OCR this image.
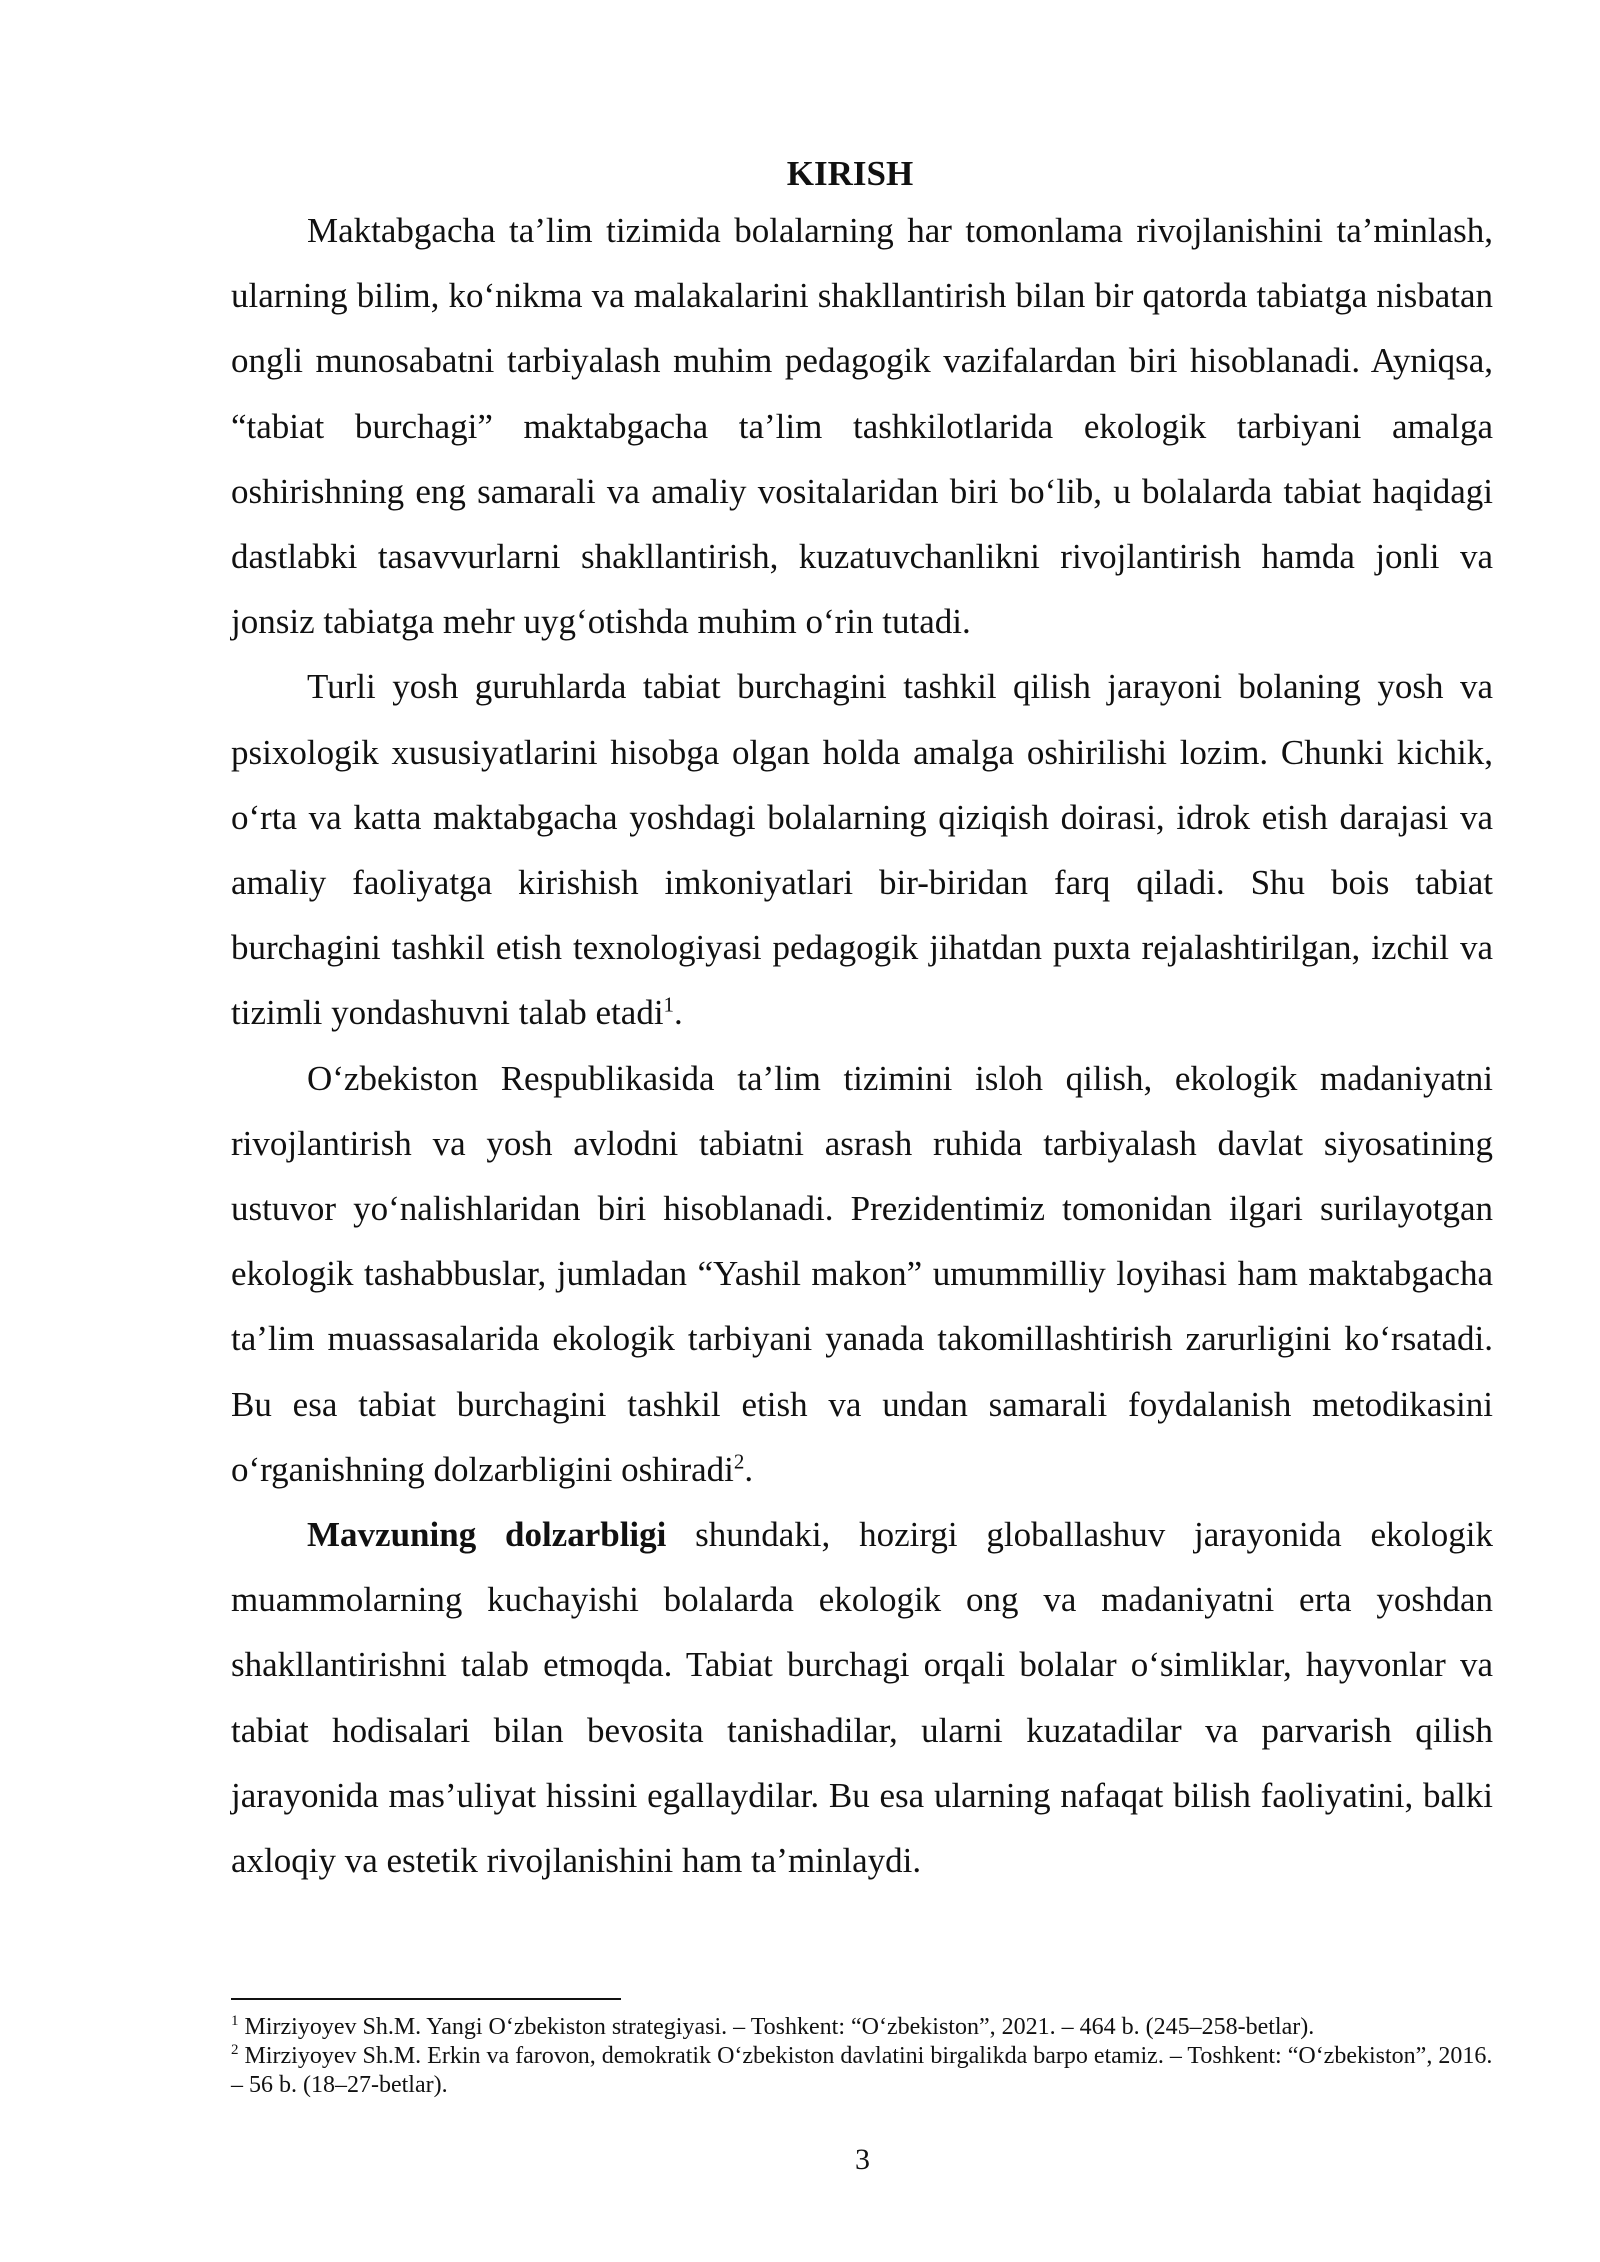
KIRISH

Maktabgacha ta’lim tizimida bolalarning har tomonlama rivojlanishini ta’minlash, ularning bilim, ko‘nikma va malakalarini shakllantirish bilan bir qatorda tabiatga nisbatan ongli munosabatni tarbiyalash muhim pedagogik vazifalardan biri hisoblanadi. Ayniqsa, “tabiat burchagi” maktabgacha ta’lim tashkilotlarida ekologik tarbiyani amalga oshirishning eng samarali va amaliy vositalaridan biri bo‘lib, u bolalarda tabiat haqidagi dastlabki tasavvurlarni shakllantirish, kuzatuvchanlikni rivojlantirish hamda jonli va jonsiz tabiatga mehr uyg‘otishda muhim o‘rin tutadi.

Turli yosh guruhlarda tabiat burchagini tashkil qilish jarayoni bolaning yosh va psixologik xususiyatlarini hisobga olgan holda amalga oshirilishi lozim. Chunki kichik, o‘rta va katta maktabgacha yoshdagi bolalarning qiziqish doirasi, idrok etish darajasi va amaliy faoliyatga kirishish imkoniyatlari bir-biridan farq qiladi. Shu bois tabiat burchagini tashkil etish texnologiyasi pedagogik jihatdan puxta rejalashtirilgan, izchil va tizimli yondashuvni talab etadi$^1$.

O‘zbekiston Respublikasida ta’lim tizimini isloh qilish, ekologik madaniyatni rivojlantirish va yosh avlodni tabiatni asrash ruhida tarbiyalash davlat siyosatining ustuvor yo‘nalishlaridan biri hisoblanadi. Prezidentimiz tomonidan ilgari surilayotgan ekologik tashabbuslar, jumladan “Yashil makon” umummilliy loyihasi ham maktabgacha ta’lim muassasalarida ekologik tarbiyani yanada takomillashtirish zarurligini ko‘rsatadi. Bu esa tabiat burchagini tashkil etish va undan samarali foydalanish metodikasini o‘rganishning dolzarbligini oshiradi$^2$.

Mavzuning dolzarbligi shundaki, hozirgi globallashuv jarayonida ekologik muammolarning kuchayishi bolalarda ekologik ong va madaniyatni erta yoshdan shakllantirishni talab etmoqda. Tabiat burchagi orqali bolalar o‘simliklar, hayvonlar va tabiat hodisalari bilan bevosita tanishadilar, ularni kuzatadilar va parvarish qilish jarayonida mas’uliyat hissini egallaydilar. Bu esa ularning nafaqat bilish faoliyatini, balki axloqiy va estetik rivojlanishini ham ta’minlaydi.

$^1$ Mirziyoyev Sh.M. Yangi O‘zbekiston strategiyasi. – Toshkent: “O‘zbekiston”, 2021. – 464 b. (245–258-betlar).

$^2$ Mirziyoyev Sh.M. Erkin va farovon, demokratik O‘zbekiston davlatini birgalikda barpo etamiz. – Toshkent: “O‘zbekiston”, 2016. – 56 b. (18–27-betlar).

3
